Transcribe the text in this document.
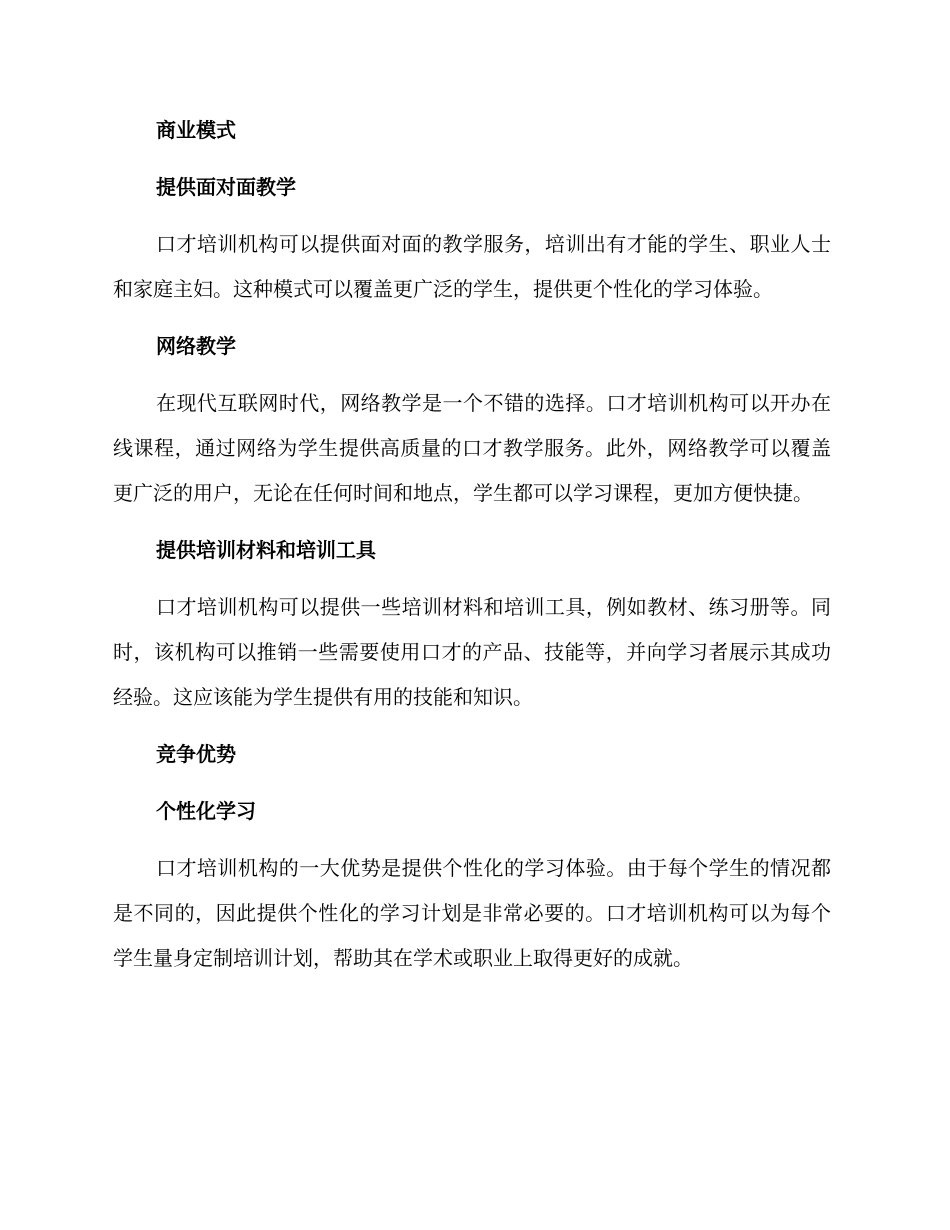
商业模式
提供面对面教学

口才培训机构可以提供面对面的教学服务，培训出有才能的学生、职业人士和家庭主妇。这种模式可以覆盖更广泛的学生，提供更个性化的学习体验。

网络教学

在现代互联网时代，网络教学是一个不错的选择。口才培训机构可以开办在线课程，通过网络为学生提供高质量的口才教学服务。此外，网络教学可以覆盖更广泛的用户，无论在任何时间和地点，学生都可以学习课程，更加方便快捷。

提供培训材料和培训工具

口才培训机构可以提供一些培训材料和培训工具，例如教材、练习册等。同时，该机构可以推销一些需要使用口才的产品、技能等，并向学习者展示其成功经验。这应该能为学生提供有用的技能和知识。

竞争优势
个性化学习

口才培训机构的一大优势是提供个性化的学习体验。由于每个学生的情况都是不同的，因此提供个性化的学习计划是非常必要的。口才培训机构可以为每个学生量身定制培训计划，帮助其在学术或职业上取得更好的成就。
